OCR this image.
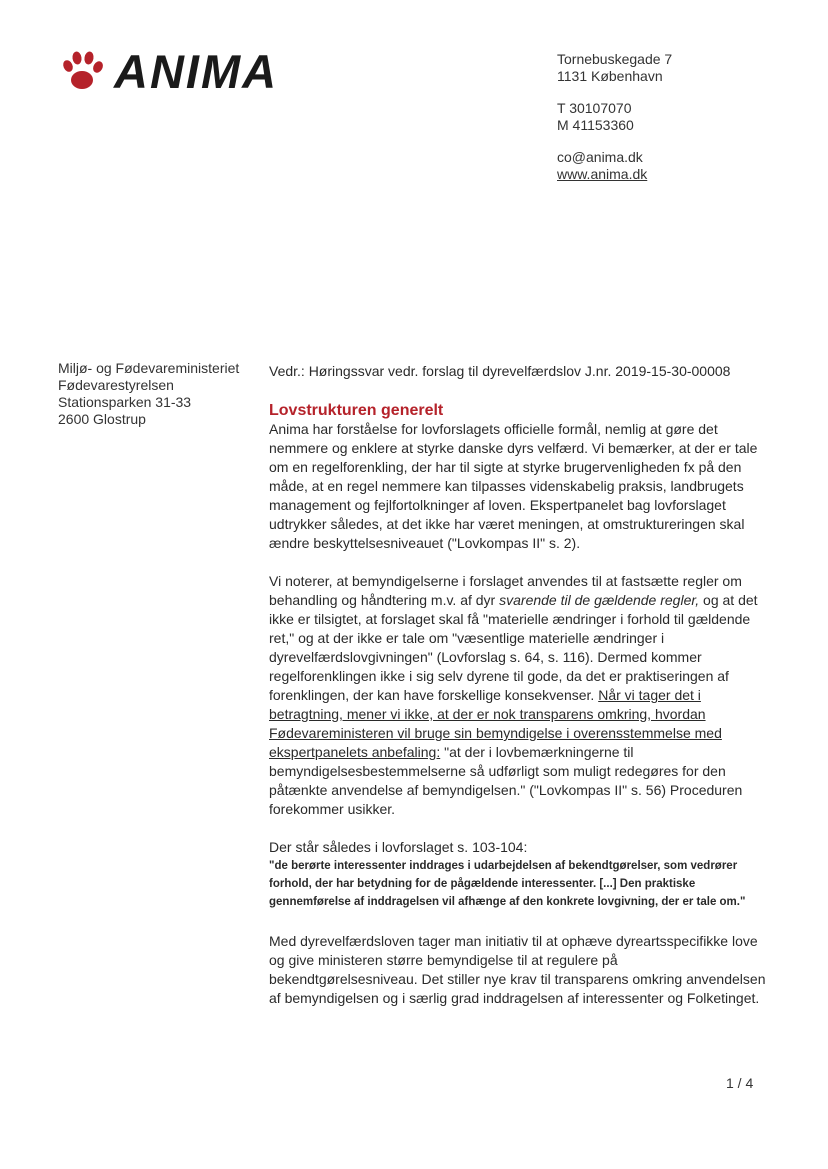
ANIMA	Tornebuskegade 7
1131 København
T 30107070
M 41153360
co@anima.dk
www.anima.dk
Miljø- og Fødevareministeriet
Fødevarestyrelsen
Stationsparken 31-33
2600 Glostrup
Vedr.: Høringssvar vedr. forslag til dyrevelfærdslov J.nr. 2019-15-30-00008
Lovstrukturen generelt

Anima har forståelse for lovforslagets officielle formål, nemlig at gøre det nemmere og enklere at styrke danske dyrs velfærd. Vi bemærker, at der er tale om en regelforenkling, der har til sigte at styrke brugervenligheden fx på den måde, at en regel nemmere kan tilpasses videnskabelig praksis, landbrugets management og fejlfortolkninger af loven. Ekspertpanelet bag lovforslaget udtrykker således, at det ikke har været meningen, at omstruktureringen skal ændre beskyttelsesniveauet ("Lovkompas II" s. 2).

Vi noterer, at bemyndigelserne i forslaget anvendes til at fastsætte regler om behandling og håndtering m.v. af dyr svarende til de gældende regler, og at det ikke er tilsigtet, at forslaget skal få "materielle ændringer i forhold til gældende ret," og at der ikke er tale om "væsentlige materielle ændringer i dyrevelfærdslovgivningen" (Lovforslag s. 64, s. 116). Dermed kommer regelforenklingen ikke i sig selv dyrene til gode, da det er praktiseringen af forenklingen, der kan have forskellige konsekvenser. Når vi tager det i betragtning, mener vi ikke, at der er nok transparens omkring, hvordan Fødevareministeren vil bruge sin bemyndigelse i overensstemmelse med ekspertpanelets anbefaling: "at der i lovbemærkningerne til bemyndigelsesbestemmelserne så udførligt som muligt redegøres for den påtænkte anvendelse af bemyndigelsen." ("Lovkompas II" s. 56) Proceduren forekommer usikker.

Der står således i lovforslaget s. 103-104:

"de berørte interessenter inddrages i udarbejdelsen af bekendtgørelser, som vedrører forhold, der har betydning for de pågældende interessenter. [...] Den praktiske gennemførelse af inddragelsen vil afhænge af den konkrete lovgivning, der er tale om."

Med dyrevelfærdsloven tager man initiativ til at ophæve dyreartsspecifikke love og give ministeren større bemyndigelse til at regulere på bekendtgørelsesniveau. Det stiller nye krav til transparens omkring anvendelsen af bemyndigelsen og i særlig grad inddragelsen af interessenter og Folketinget.

1 / 4
